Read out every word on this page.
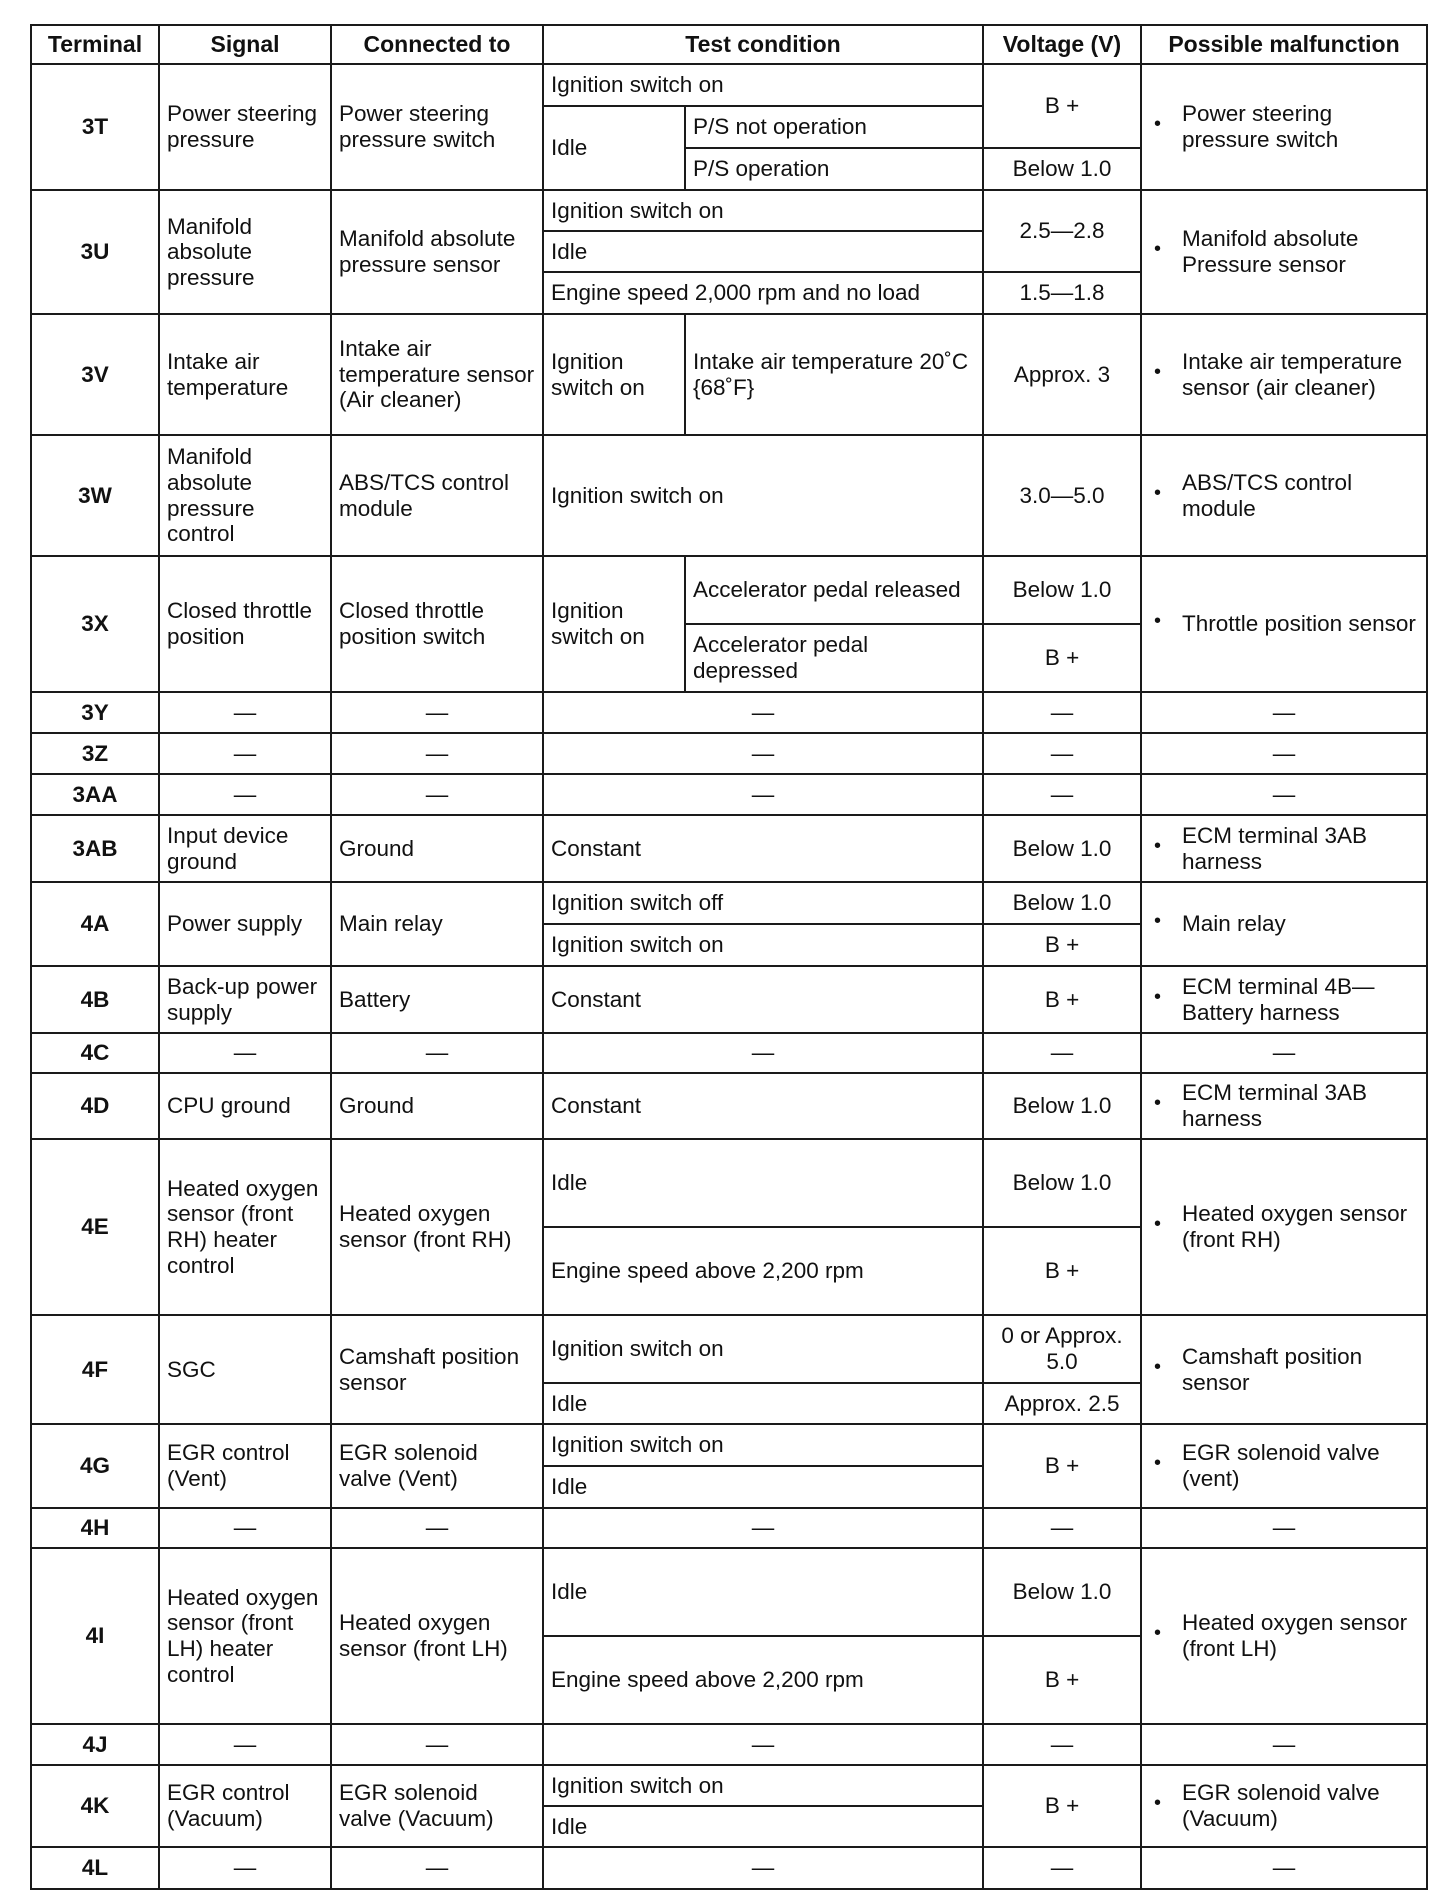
Terminal	Signal	Connected to	Test condition		Voltage (V)	Possible malfunction
3T	Power steering pressure	Power steering pressure switch	Ignition switch on		B +	• Power steering pressure switch
			Idle	P/S not operation		
				P/S operation	Below 1.0	
3U	Manifold absolute pressure	Manifold absolute pressure sensor	Ignition switch on		2.5—2.8	• Manifold absolute Pressure sensor
			Idle			
			Engine speed 2,000 rpm and no load		1.5—1.8	
3V	Intake air temperature	Intake air temperature sensor (Air cleaner)	Ignition switch on	Intake air temperature 20˚C {68˚F}	Approx. 3	• Intake air temperature sensor (air cleaner)
3W	Manifold absolute pressure control	ABS/TCS control module	Ignition switch on		3.0—5.0	• ABS/TCS control module
3X	Closed throttle position	Closed throttle position switch	Ignition switch on	Accelerator pedal released	Below 1.0	• Throttle position sensor
				Accelerator pedal depressed	B +	
3Y	—	—	—		—	—
3Z	—	—	—		—	—
3AA	—	—	—		—	—
3AB	Input device ground	Ground	Constant		Below 1.0	• ECM terminal 3AB harness
4A	Power supply	Main relay	Ignition switch off		Below 1.0	• Main relay
			Ignition switch on		B +	
4B	Back-up power supply	Battery	Constant		B +	• ECM terminal 4B—Battery harness
4C	—	—	—		—	—
4D	CPU ground	Ground	Constant		Below 1.0	• ECM terminal 3AB harness
4E	Heated oxygen sensor (front RH) heater control	Heated oxygen sensor (front RH)	Idle		Below 1.0	• Heated oxygen sensor (front RH)
			Engine speed above 2,200 rpm		B +	
4F	SGC	Camshaft position sensor	Ignition switch on		0 or Approx. 5.0	• Camshaft position sensor
			Idle		Approx. 2.5	
4G	EGR control (Vent)	EGR solenoid valve (Vent)	Ignition switch on		B +	• EGR solenoid valve (vent)
			Idle			
4H	—	—	—		—	—
4I	Heated oxygen sensor (front LH) heater control	Heated oxygen sensor (front LH)	Idle		Below 1.0	• Heated oxygen sensor (front LH)
			Engine speed above 2,200 rpm		B +	
4J	—	—	—		—	—
4K	EGR control (Vacuum)	EGR solenoid valve (Vacuum)	Ignition switch on		B +	• EGR solenoid valve (Vacuum)
			Idle			
4L	—	—	—		—	—
